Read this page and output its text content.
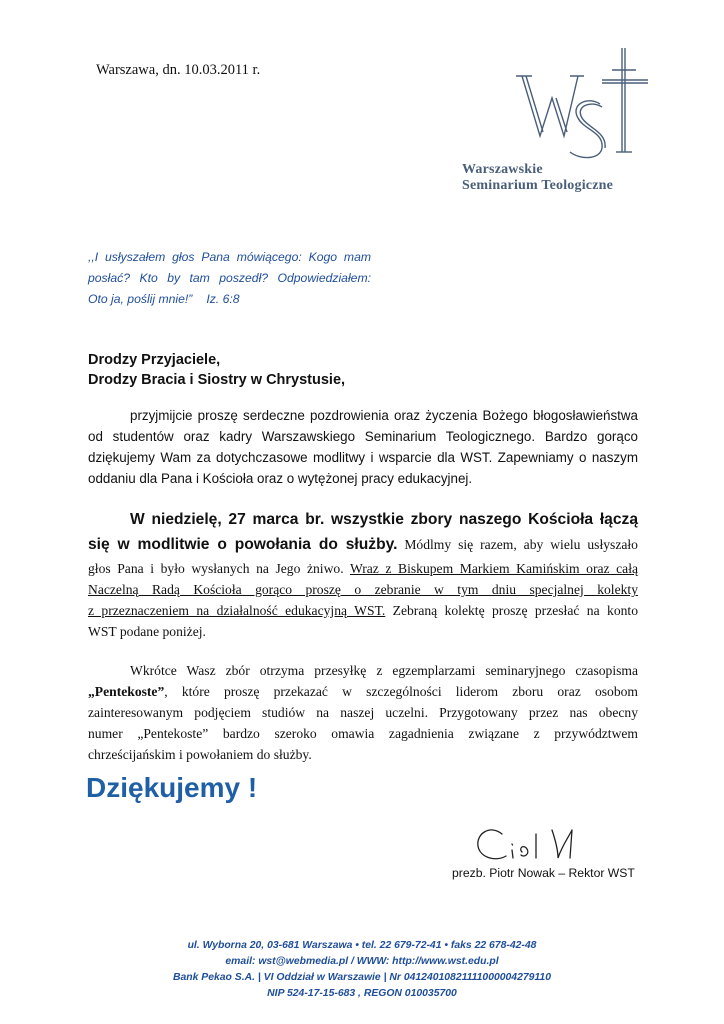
Warszawa, dn. 10.03.2011 r.
Warszawskie
Seminarium Teologiczne
,,I usłyszałem głos Pana mówiącego: Kogo mam
posłać? Kto by tam poszedł? Odpowiedziałem:
Oto ja, poślij mnie!” Iz. 6:8
Drodzy Przyjaciele,
Drodzy Bracia i Siostry w Chrystusie,
przyjmijcie proszę serdeczne pozdrowienia oraz życzenia Bożego błogosławieństwa
od studentów oraz kadry Warszawskiego Seminarium Teologicznego. Bardzo gorąco
dziękujemy Wam za dotychczasowe modlitwy i wsparcie dla WST. Zapewniamy o naszym
oddaniu dla Pana i Kościoła oraz o wytężonej pracy edukacyjnej.
W niedzielę, 27 marca br. wszystkie zbory naszego Kościoła łączą
się w modlitwie o powołania do służby. Módlmy się razem, aby wielu usłyszało
głos Pana i było wysłanych na Jego żniwo. Wraz z Biskupem Markiem Kamińskim oraz całą
Naczelną Radą Kościoła gorąco proszę o zebranie w tym dniu specjalnej kolekty
z przeznaczeniem na działalność edukacyjną WST. Zebraną kolektę proszę przesłać na konto
WST podane poniżej.
Wkrótce Wasz zbór otrzyma przesyłkę z egzemplarzami seminaryjnego czasopisma
„Pentekoste”, które proszę przekazać w szczególności liderom zboru oraz osobom
zainteresowanym podjęciem studiów na naszej uczelni. Przygotowany przez nas obecny
numer „Pentekoste” bardzo szeroko omawia zagadnienia związane z przywództwem
chrześcijańskim i powołaniem do służby.
Dziękujemy !
prezb. Piotr Nowak – Rektor WST
ul. Wyborna 20, 03-681 Warszawa • tel. 22 679-72-41 • faks 22 678-42-48
email: wst@webmedia.pl / WWW: http://www.wst.edu.pl
Bank Pekao S.A. | VI Oddział w Warszawie | Nr 04124010821111000004279110
NIP 524-17-15-683 , REGON 010035700
